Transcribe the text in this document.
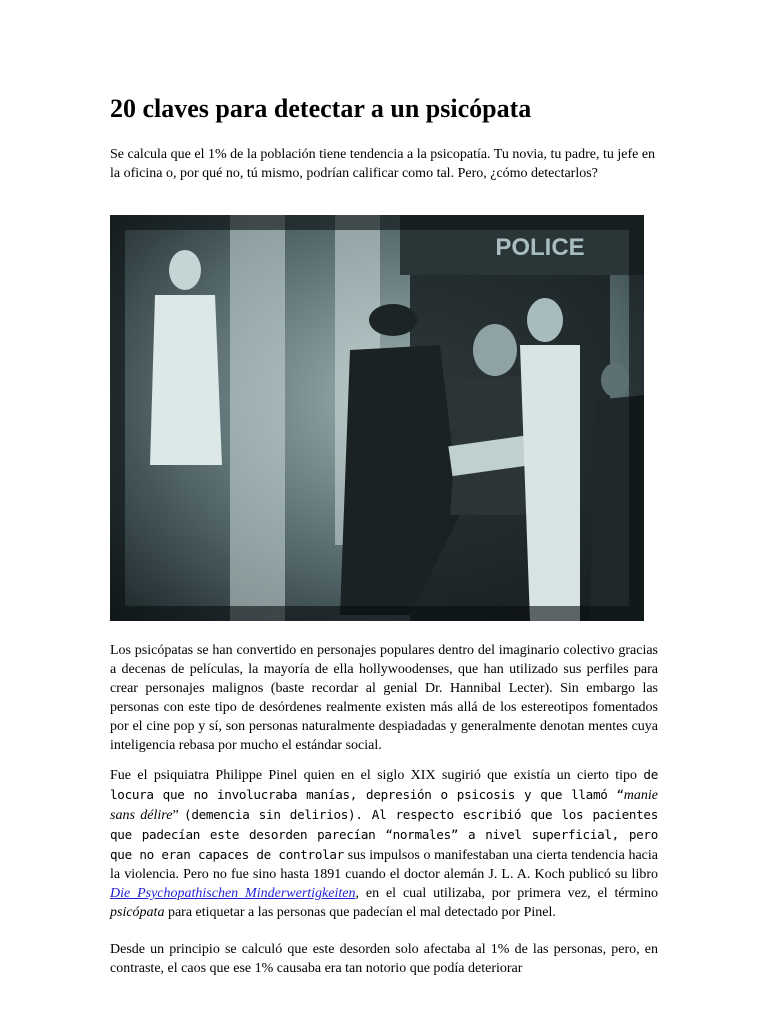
20 claves para detectar a un psicópata

Se calcula que el 1% de la población tiene tendencia a la psicopatía. Tu novia, tu padre, tu jefe en la oficina o, por qué no, tú mismo, podrían calificar como tal. Pero, ¿cómo detectarlos?

POLICE

Los psicópatas se han convertido en personajes populares dentro del imaginario colectivo gracias a decenas de películas, la mayoría de ella hollywoodenses, que han utilizado sus perfiles para crear personajes malignos (baste recordar al genial Dr. Hannibal Lecter). Sin embargo las personas con este tipo de desórdenes realmente existen más allá de los estereotipos fomentados por el cine pop y sí, son personas naturalmente despiadadas y generalmente denotan mentes cuya inteligencia rebasa por mucho el estándar social.

Fue el psiquiatra Philippe Pinel quien en el siglo XIX sugirió que existía un cierto tipo de locura que no involucraba manías, depresión o psicosis y que llamó “manie sans délire” (demencia sin delirios). Al respecto escribió que los pacientes que padecían este desorden parecían “normales” a nivel superficial, pero que no eran capaces de controlar sus impulsos o manifestaban una cierta tendencia hacia la violencia. Pero no fue sino hasta 1891 cuando el doctor alemán J. L. A. Koch publicó su libro Die Psychopathischen Minderwertigkeiten, en el cual utilizaba, por primera vez, el término psicópata para etiquetar a las personas que padecían el mal detectado por Pinel.

Desde un principio se calculó que este desorden solo afectaba al 1% de las personas, pero, en contraste, el caos que ese 1% causaba era tan notorio que podía deteriorar
